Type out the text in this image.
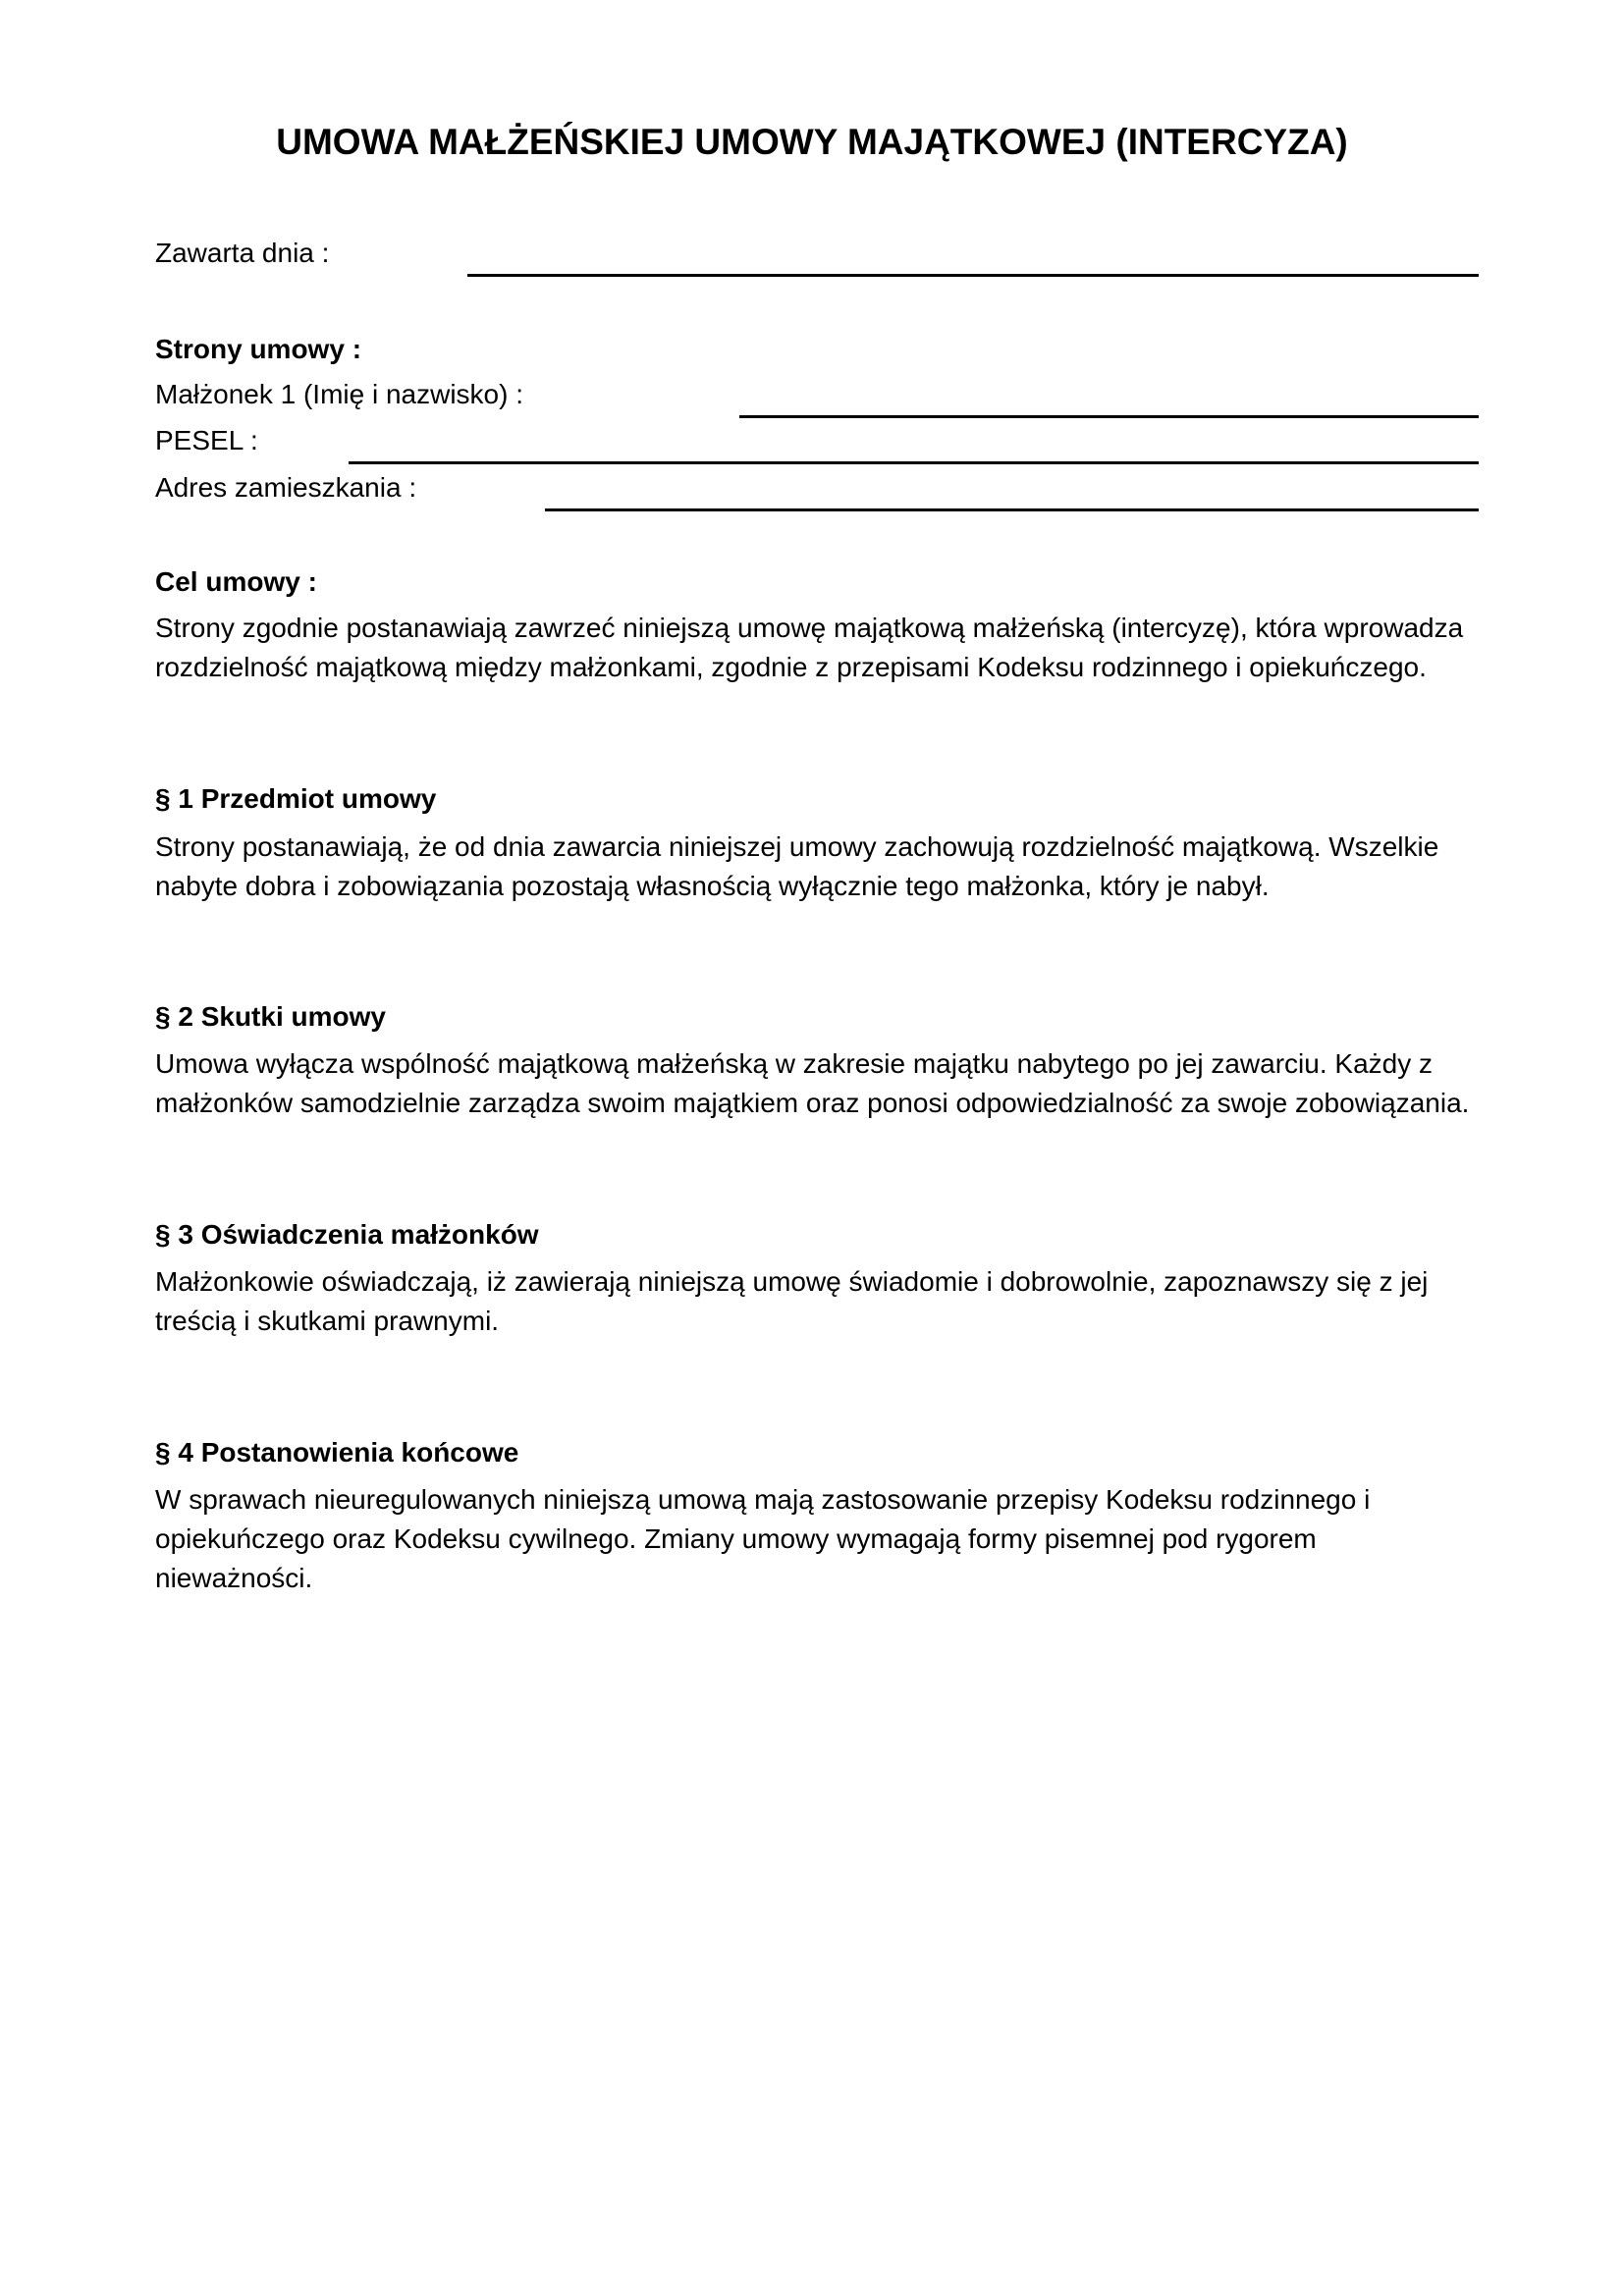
UMOWA MAŁŻEŃSKIEJ UMOWY MAJĄTKOWEJ (INTERCYZA)
Zawarta dnia :
Strony umowy :
Małżonek 1 (Imię i nazwisko) :
PESEL :
Adres zamieszkania :
Cel umowy :
Strony zgodnie postanawiają zawrzeć niniejszą umowę majątkową małżeńską (intercyzę), która wprowadza
rozdzielność majątkową między małżonkami, zgodnie z przepisami Kodeksu rodzinnego i opiekuńczego.
§ 1 Przedmiot umowy
Strony postanawiają, że od dnia zawarcia niniejszej umowy zachowują rozdzielność majątkową. Wszelkie
nabyte dobra i zobowiązania pozostają własnością wyłącznie tego małżonka, który je nabył.
§ 2 Skutki umowy
Umowa wyłącza wspólność majątkową małżeńską w zakresie majątku nabytego po jej zawarciu. Każdy z
małżonków samodzielnie zarządza swoim majątkiem oraz ponosi odpowiedzialność za swoje zobowiązania.
§ 3 Oświadczenia małżonków
Małżonkowie oświadczają, iż zawierają niniejszą umowę świadomie i dobrowolnie, zapoznawszy się z jej
treścią i skutkami prawnymi.
§ 4 Postanowienia końcowe
W sprawach nieuregulowanych niniejszą umową mają zastosowanie przepisy Kodeksu rodzinnego i
opiekuńczego oraz Kodeksu cywilnego. Zmiany umowy wymagają formy pisemnej pod rygorem
nieważności.
